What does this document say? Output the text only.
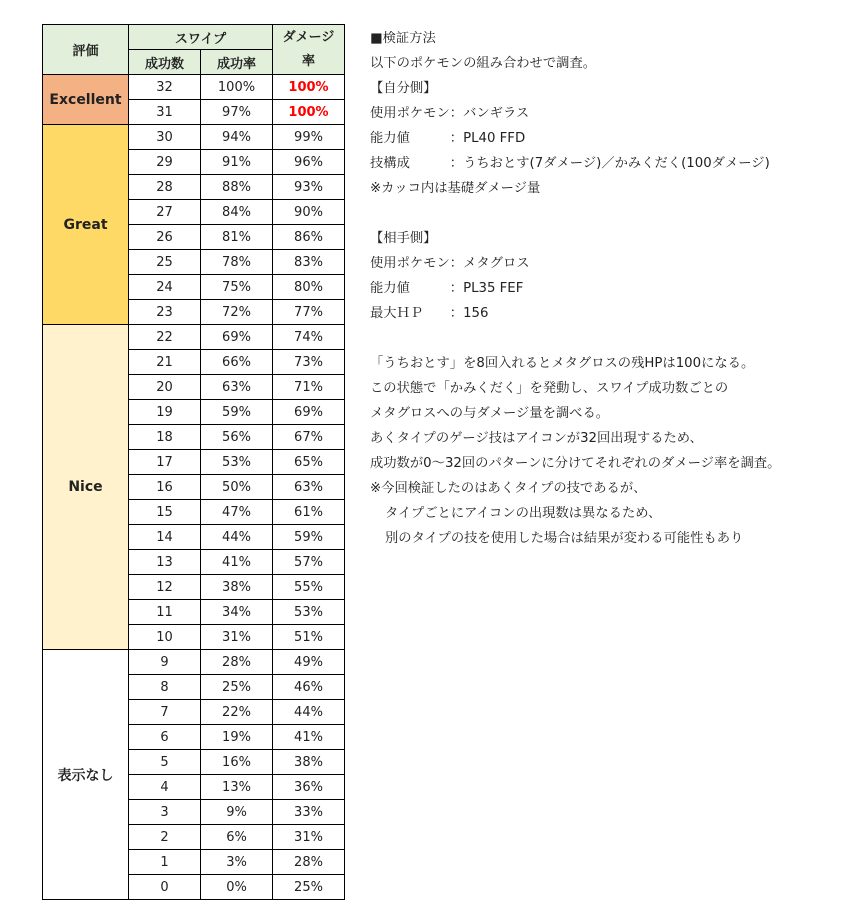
評価	スワイプ		ダメージ率

	成功数	成功率	
Excellent	32	100%	100%
	31	97%	100%
Great	30	94%	99%
	29	91%	96%
	28	88%	93%
	27	84%	90%
	26	81%	86%
	25	78%	83%
	24	75%	80%
	23	72%	77%
Nice	22	69%	74%
	21	66%	73%
	20	63%	71%
	19	59%	69%
	18	56%	67%
	17	53%	65%
	16	50%	63%
	15	47%	61%
	14	44%	59%
	13	41%	57%
	12	38%	55%
	11	34%	53%
	10	31%	51%
表示なし	9	28%	49%
	8	25%	46%
	7	22%	44%
	6	19%	41%
	5	16%	38%
	4	13%	36%
	3	9%	33%
	2	6%	31%
	1	3%	28%
	0	0%	25%
■検証方法
以下のポケモンの組み合わせで調査。
【自分側】
使用ポケモン：バンギラス
能力値　　　：PL40 FFD
技構成　　　：うちおとす(7ダメージ)／かみくだく(100ダメージ)
※カッコ内は基礎ダメージ量
【相手側】
使用ポケモン：メタグロス
能力値　　　：PL35 FEF
最大ＨＰ　　：156
「うちおとす」を8回入れるとメタグロスの残HPは100になる。
この状態で「かみくだく」を発動し、スワイプ成功数ごとの
メタグロスへの与ダメージ量を調べる。
あくタイプのゲージ技はアイコンが32回出現するため、
成功数が0～32回のパターンに分けてそれぞれのダメージ率を調査。
※今回検証したのはあくタイプの技であるが、
タイプごとにアイコンの出現数は異なるため、
別のタイプの技を使用した場合は結果が変わる可能性もあり
